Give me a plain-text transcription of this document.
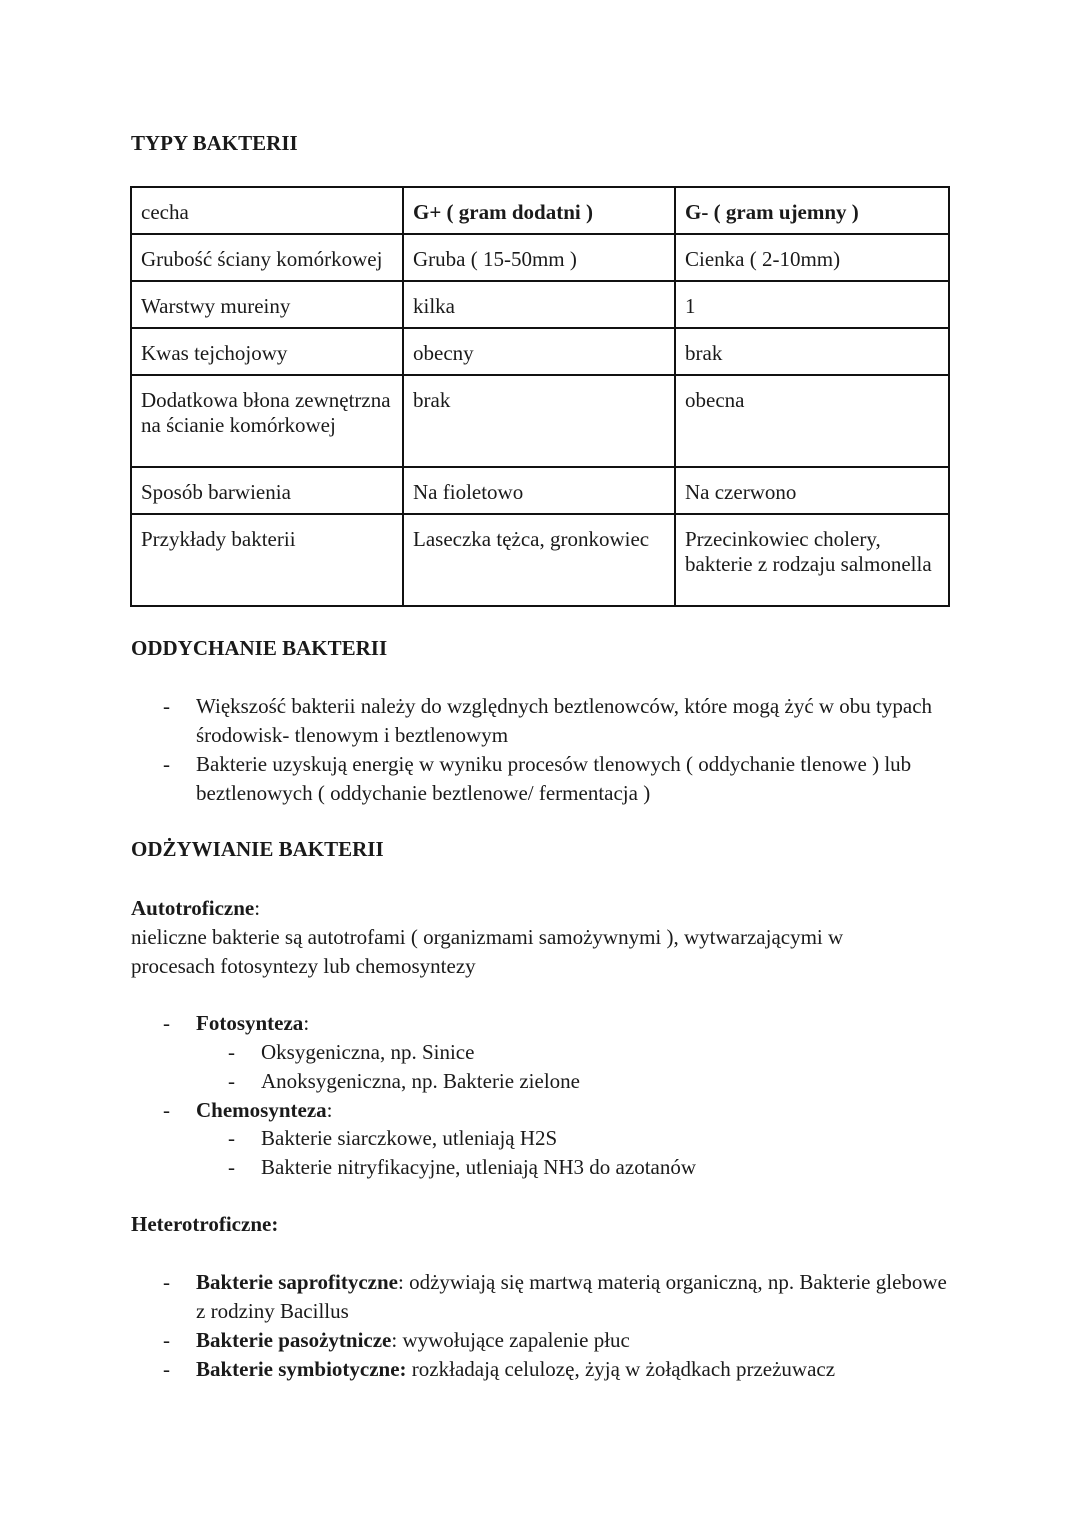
TYPY BAKTERII
cecha	G+ ( gram dodatni )	G- ( gram ujemny )
Grubość ściany komórkowej	Gruba ( 15-50mm )	Cienka ( 2-10mm)
Warstwy mureiny	kilka	1
Kwas tejchojowy	obecny	brak
Dodatkowa błona zewnętrzna na ścianie komórkowej	brak	obecna
Sposób barwienia	Na fioletowo	Na czerwono
Przykłady bakterii	Laseczka tężca, gronkowiec	Przecinkowiec cholery, bakterie z rodzaju salmonella
ODDYCHANIE BAKTERII
- Większość bakterii należy do względnych beztlenowców, które mogą żyć w obu typach środowisk- tlenowym i beztlenowym
- Bakterie uzyskują energię w wyniku procesów tlenowych ( oddychanie tlenowe ) lub beztlenowych ( oddychanie beztlenowe/ fermentacja )
ODŻYWIANIE BAKTERII

Autotroficzne:

nieliczne bakterie są autotrofami ( organizmami samożywnymi ), wytwarzającymi w procesach fotosyntezy lub chemosyntezy

- Fotosynteza:
- Oksygeniczna, np. Sinice
- Anoksygeniczna, np. Bakterie zielone
- Chemosynteza:
- Bakterie siarczkowe, utleniają H2S
- Bakterie nitryfikacyjne, utleniają NH3 do azotanów

Heterotroficzne:

- Bakterie saprofityczne: odżywiają się martwą materią organiczną, np. Bakterie glebowe z rodziny Bacillus
- Bakterie pasożytnicze: wywołujące zapalenie płuc
- Bakterie symbiotyczne: rozkładają celulozę, żyją w żołądkach przeżuwacz
